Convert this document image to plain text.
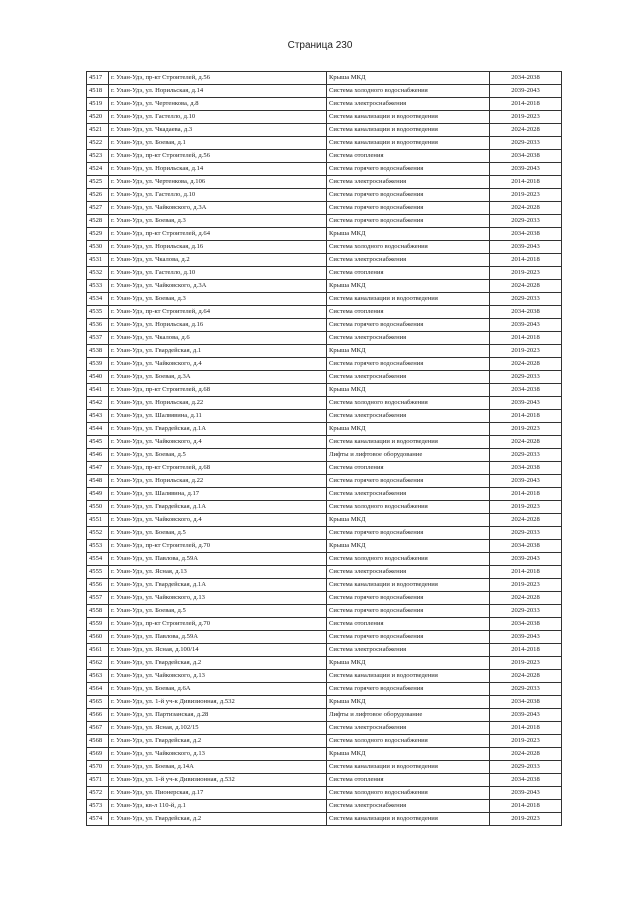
Страница 230
4517	г. Улан-Удэ, пр-кт Строителей, д.56	Крыша МКД	2034-2038
4518	г. Улан-Удэ, ул. Норильская, д.14	Система холодного водоснабжения	2039-2043
4519	г. Улан-Удэ, ул. Чертенкова, д.8	Система электроснабжения	2014-2018
4520	г. Улан-Удэ, ул. Гастелло, д.10	Система канализации и водоотведения	2019-2023
4521	г. Улан-Удэ, ул. Чкадаева, д.3	Система канализации и водоотведения	2024-2028
4522	г. Улан-Удэ, ул. Боевая, д.1	Система канализации и водоотведения	2029-2033
4523	г. Улан-Удэ, пр-кт Строителей, д.56	Система отопления	2034-2038
4524	г. Улан-Удэ, ул. Норильская, д.14	Система горячего водоснабжения	2039-2043
4525	г. Улан-Удэ, ул. Чертенкова, д.106	Система электроснабжения	2014-2018
4526	г. Улан-Удэ, ул. Гастелло, д.10	Система горячего водоснабжения	2019-2023
4527	г. Улан-Удэ, ул. Чайковского, д.3А	Система горячего водоснабжения	2024-2028
4528	г. Улан-Удэ, ул. Боевая, д.3	Система горячего водоснабжения	2029-2033
4529	г. Улан-Удэ, пр-кт Строителей, д.64	Крыша МКД	2034-2038
4530	г. Улан-Удэ, ул. Норильская, д.16	Система холодного водоснабжения	2039-2043
4531	г. Улан-Удэ, ул. Чкалова, д.2	Система электроснабжения	2014-2018
4532	г. Улан-Удэ, ул. Гастелло, д.10	Система отопления	2019-2023
4533	г. Улан-Удэ, ул. Чайковского, д.3А	Крыша МКД	2024-2028
4534	г. Улан-Удэ, ул. Боевая, д.3	Система канализации и водоотведения	2029-2033
4535	г. Улан-Удэ, пр-кт Строителей, д.64	Система отопления	2034-2038
4536	г. Улан-Удэ, ул. Норильская, д.16	Система горячего водоснабжения	2039-2043
4537	г. Улан-Удэ, ул. Чкалова, д.6	Система электроснабжения	2014-2018
4538	г. Улан-Удэ, ул. Гвардейская, д.1	Крыша МКД	2019-2023
4539	г. Улан-Удэ, ул. Чайковского, д.4	Система горячего водоснабжения	2024-2028
4540	г. Улан-Удэ, ул. Боевая, д.3А	Система электроснабжения	2029-2033
4541	г. Улан-Удэ, пр-кт Строителей, д.68	Крыша МКД	2034-2038
4542	г. Улан-Удэ, ул. Норильская, д.22	Система холодного водоснабжения	2039-2043
4543	г. Улан-Удэ, ул. Шалвявина, д.11	Система электроснабжения	2014-2018
4544	г. Улан-Удэ, ул. Гвардейская, д.1А	Крыша МКД	2019-2023
4545	г. Улан-Удэ, ул. Чайковского, д.4	Система канализации и водоотведения	2024-2028
4546	г. Улан-Удэ, ул. Боевая, д.5	Лифты и лифтовое оборудование	2029-2033
4547	г. Улан-Удэ, пр-кт Строителей, д.68	Система отопления	2034-2038
4548	г. Улан-Удэ, ул. Норильская, д.22	Система горячего водоснабжения	2039-2043
4549	г. Улан-Удэ, ул. Шалявина, д.17	Система электроснабжения	2014-2018
4550	г. Улан-Удэ, ул. Гвардейская, д.1А	Система холодного водоснабжения	2019-2023
4551	г. Улан-Удэ, ул. Чайковского, д.4	Крыша МКД	2024-2028
4552	г. Улан-Удэ, ул. Боевая, д.5	Система горячего водоснабжения	2029-2033
4553	г. Улан-Удэ, пр-кт Строителей, д.70	Крыша МКД	2034-2038
4554	г. Улан-Удэ, ул. Павлова, д.59А	Система холодного водоснабжения	2039-2043
4555	г. Улан-Удэ, ул. Ясная, д.13	Система электроснабжения	2014-2018
4556	г. Улан-Удэ, ул. Гвардейская, д.1А	Система канализации и водоотведения	2019-2023
4557	г. Улан-Удэ, ул. Чайковского, д.13	Система горячего водоснабжения	2024-2028
4558	г. Улан-Удэ, ул. Боевая, д.5	Система горячего водоснабжения	2029-2033
4559	г. Улан-Удэ, пр-кт Строителей, д.70	Система отопления	2034-2038
4560	г. Улан-Удэ, ул. Павлова, д.59А	Система горячего водоснабжения	2039-2043
4561	г. Улан-Удэ, ул. Ясная, д.100/14	Система электроснабжения	2014-2018
4562	г. Улан-Удэ, ул. Гвардейская, д.2	Крыша МКД	2019-2023
4563	г. Улан-Удэ, ул. Чайковского, д.13	Система канализации и водоотведения	2024-2028
4564	г. Улан-Удэ, ул. Боевая, д.6А	Система горячего водоснабжения	2029-2033
4565	г. Улан-Удэ, ул. 1-й уч-к Дивизионная, д.532	Крыша МКД	2034-2038
4566	г. Улан-Удэ, ул. Партизанская, д.28	Лифты и лифтовое оборудование	2039-2043
4567	г. Улан-Удэ, ул. Ясная, д.102/15	Система электроснабжения	2014-2018
4568	г. Улан-Удэ, ул. Гвардейская, д.2	Система холодного водоснабжения	2019-2023
4569	г. Улан-Удэ, ул. Чайковского, д.13	Крыша МКД	2024-2028
4570	г. Улан-Удэ, ул. Боевая, д.14А	Система канализации и водоотведения	2029-2033
4571	г. Улан-Удэ, ул. 1-й уч-к Дивизионная, д.532	Система отопления	2034-2038
4572	г. Улан-Удэ, ул. Пионерская, д.17	Система холодного водоснабжения	2039-2043
4573	г. Улан-Удэ, кв-л 110-й, д.1	Система электроснабжения	2014-2018
4574	г. Улан-Удэ, ул. Гвардейская, д.2	Система канализации и водоотведения	2019-2023
